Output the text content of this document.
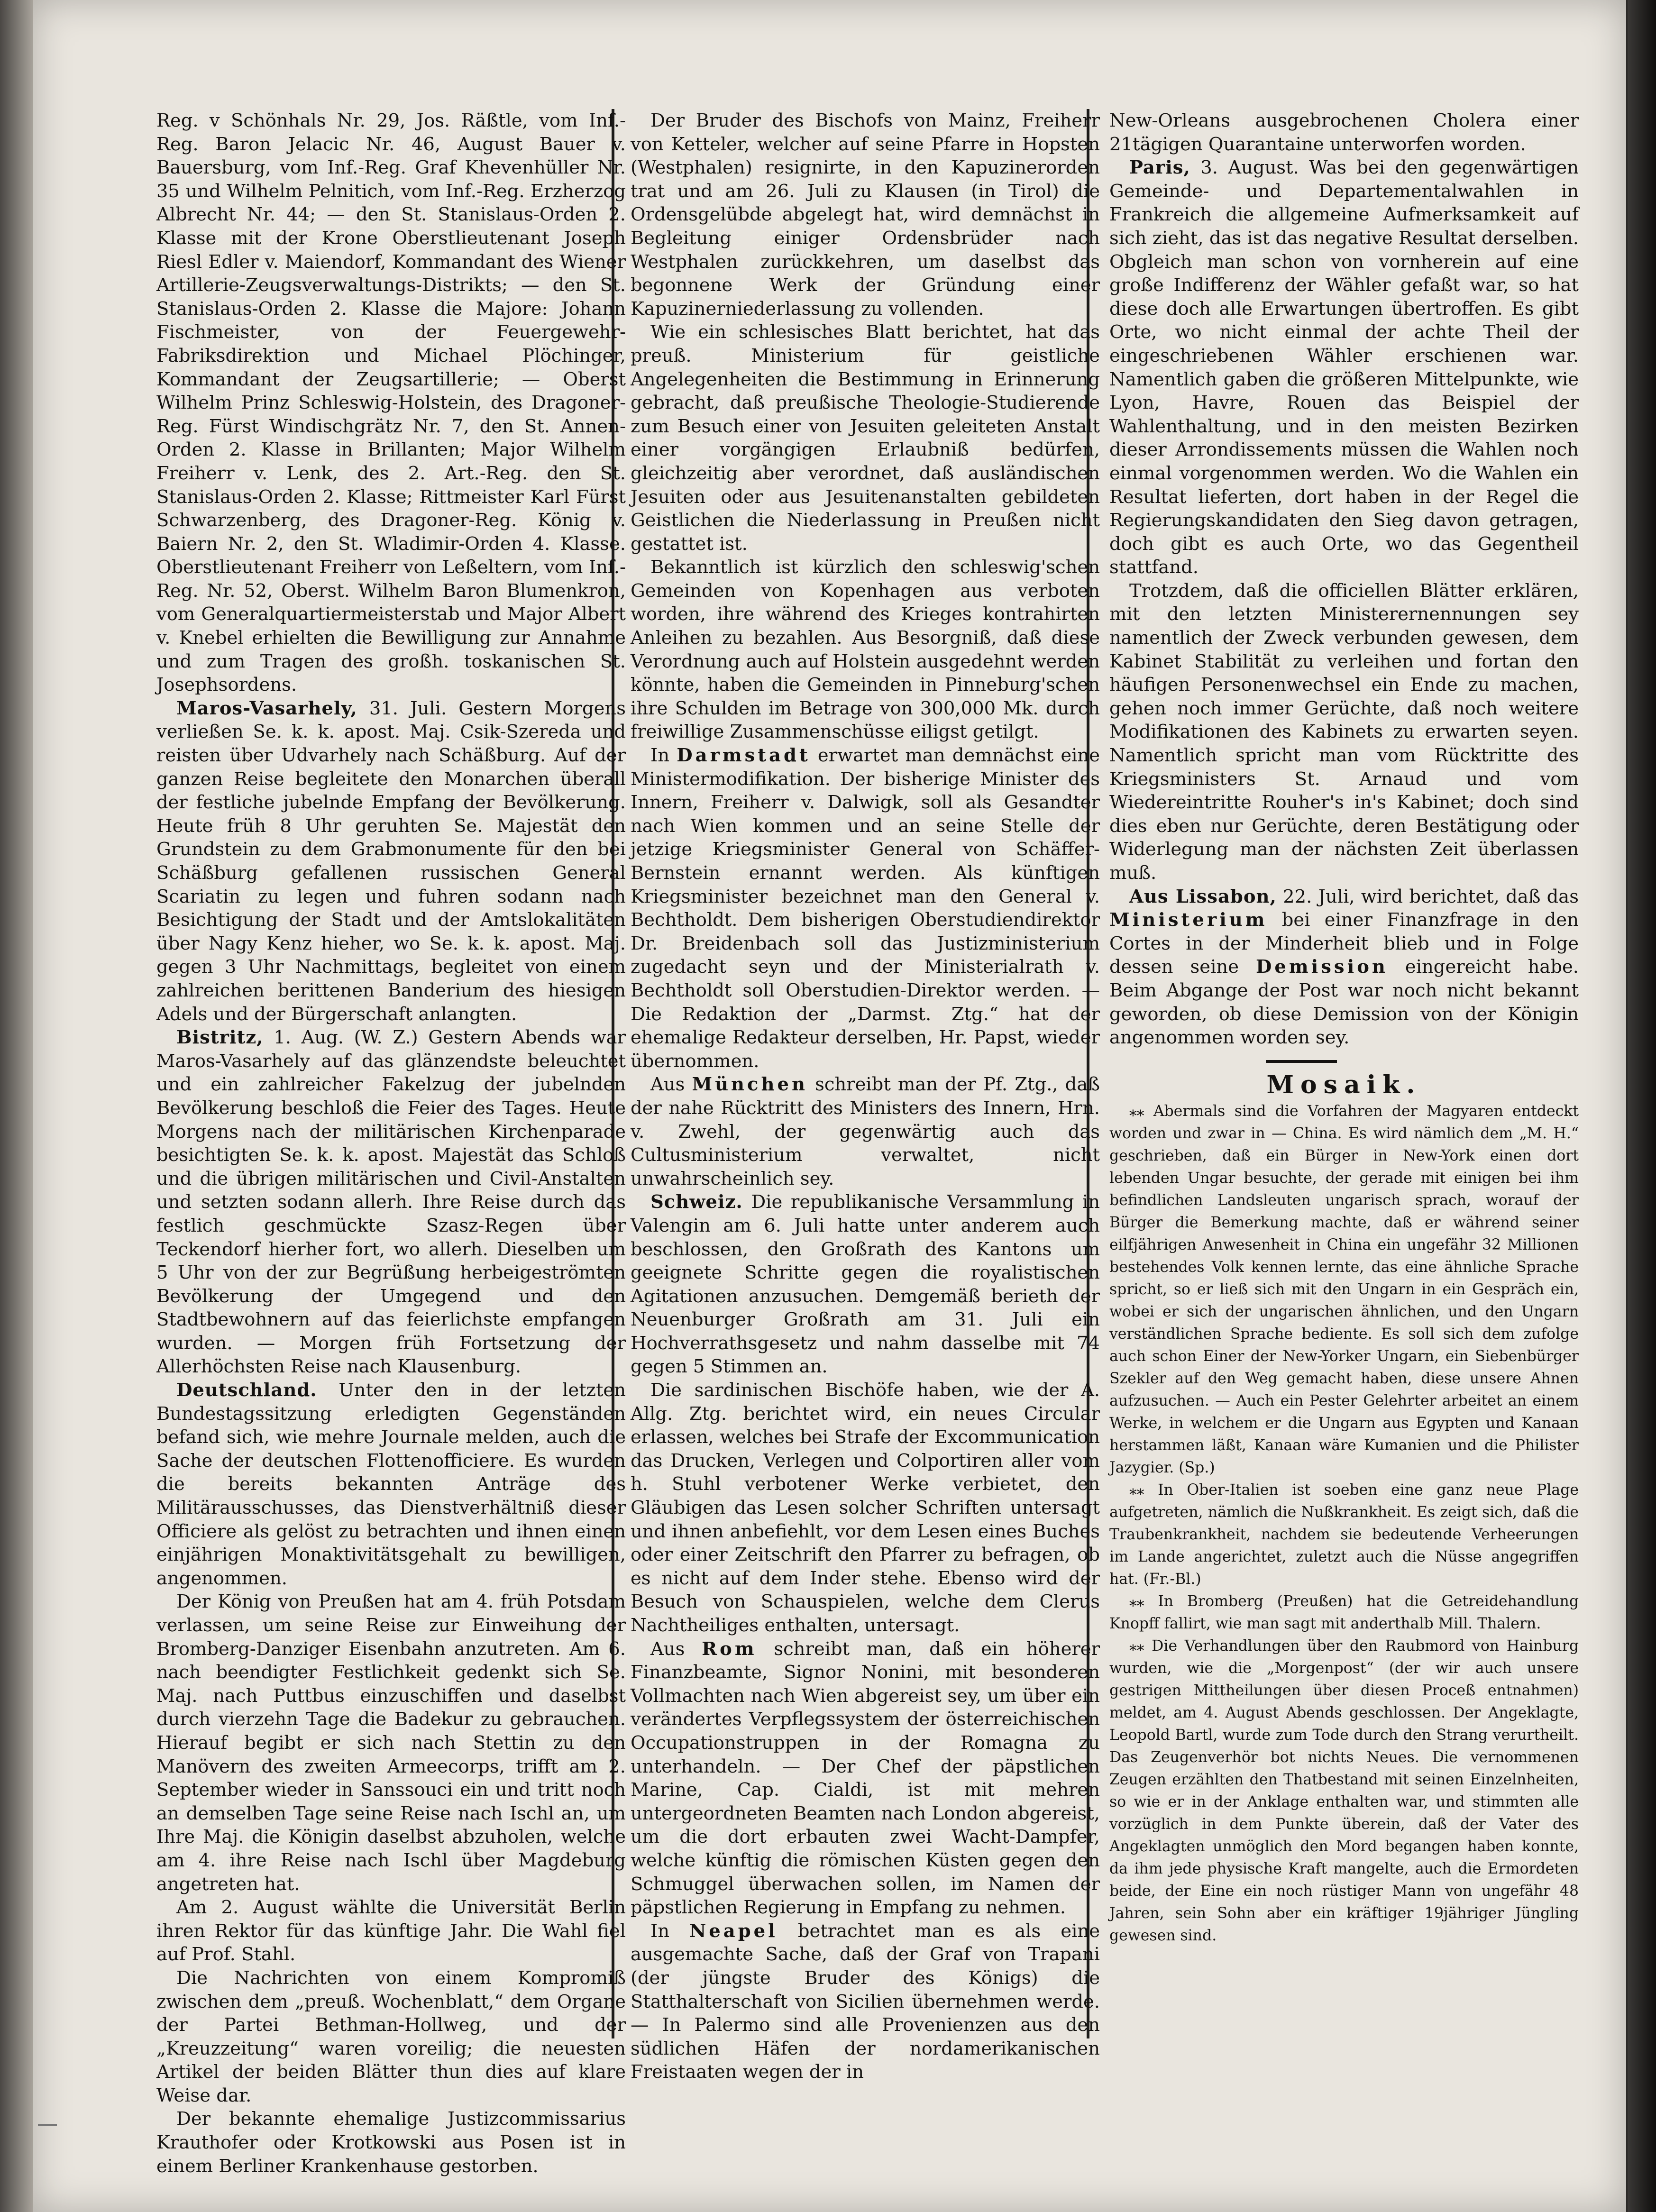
Reg. v Schönhals Nr. 29, Jos. Räßtle, vom Inf.-Reg. Baron Jelacic Nr. 46, August Bauer v. Bauersburg, vom Inf.-Reg. Graf Khevenhüller Nr. 35 und Wilhelm Pelnitich, vom Inf.-Reg. Erzherzog Albrecht Nr. 44; — den St. Stanislaus-Orden 2. Klasse mit der Krone Oberstlieutenant Joseph Riesl Edler v. Maiendorf, Kommandant des Wiener Artillerie-Zeugsverwaltungs-Distrikts; — den St. Stanislaus-Orden 2. Klasse die Majore: Johann Fischmeister, von der Feuergewehr-Fabriksdirektion und Michael Plöchinger, Kommandant der Zeugsartillerie; — Oberst Wilhelm Prinz Schleswig-Holstein, des Dragoner-Reg. Fürst Windischgrätz Nr. 7, den St. Annen-Orden 2. Klasse in Brillanten; Major Wilhelm Freiherr v. Lenk, des 2. Art.-Reg. den St. Stanislaus-Orden 2. Klasse; Rittmeister Karl Fürst Schwarzenberg, des Dragoner-Reg. König v. Baiern Nr. 2, den St. Wladimir-Orden 4. Klasse. Oberstlieutenant Freiherr von Leßeltern, vom Inf.-Reg. Nr. 52, Oberst. Wilhelm Baron Blumenkron, vom Generalquartiermeisterstab und Major Albert v. Knebel erhielten die Bewilligung zur Annahme und zum Tragen des großh. toskanischen St. Josephsordens.

Maros-Vasarhely, 31. Juli. Gestern Morgens verließen Se. k. k. apost. Maj. Csik-Szereda und reisten über Udvarhely nach Schäßburg. Auf der ganzen Reise begleitete den Monarchen überall der festliche jubelnde Empfang der Bevölkerung. Heute früh 8 Uhr geruhten Se. Majestät den Grundstein zu dem Grabmonumente für den bei Schäßburg gefallenen russischen General Scariatin zu legen und fuhren sodann nach Besichtigung der Stadt und der Amtslokalitäten über Nagy Kenz hieher, wo Se. k. k. apost. Maj. gegen 3 Uhr Nachmittags, begleitet von einem zahlreichen berittenen Banderium des hiesigen Adels und der Bürgerschaft anlangten.

Bistritz, 1. Aug. (W. Z.) Gestern Abends war Maros-Vasarhely auf das glänzendste beleuchtet und ein zahlreicher Fakelzug der jubelnden Bevölkerung beschloß die Feier des Tages. Heute Morgens nach der militärischen Kirchenparade besichtigten Se. k. k. apost. Majestät das Schloß und die übrigen militärischen und Civil-Anstalten und setzten sodann allerh. Ihre Reise durch das festlich geschmückte Szasz-Regen über Teckendorf hierher fort, wo allerh. Dieselben um 5 Uhr von der zur Begrüßung herbeigeströmten Bevölkerung der Umgegend und den Stadtbewohnern auf das feierlichste empfangen wurden. — Morgen früh Fortsetzung der Allerhöchsten Reise nach Klausenburg.

Deutschland. Unter den in der letzten Bundestagssitzung erledigten Gegenständen befand sich, wie mehre Journale melden, auch die Sache der deutschen Flottenofficiere. Es wurden die bereits bekannten Anträge des Militärausschusses, das Dienstverhältniß dieser Officiere als gelöst zu betrachten und ihnen einen einjährigen Monaktivitätsgehalt zu bewilligen, angenommen.

Der König von Preußen hat am 4. früh Potsdam verlassen, um seine Reise zur Einweihung der Bromberg-Danziger Eisenbahn anzutreten. Am 6. nach beendigter Festlichkeit gedenkt sich Se. Maj. nach Puttbus einzuschiffen und daselbst durch vierzehn Tage die Badekur zu gebrauchen. Hierauf begibt er sich nach Stettin zu den Manövern des zweiten Armeecorps, trifft am 2. September wieder in Sanssouci ein und tritt noch an demselben Tage seine Reise nach Ischl an, um Ihre Maj. die Königin daselbst abzuholen, welche am 4. ihre Reise nach Ischl über Magdeburg angetreten hat.

Am 2. August wählte die Universität Berlin ihren Rektor für das künftige Jahr. Die Wahl fiel auf Prof. Stahl.

Die Nachrichten von einem Kompromiß zwischen dem „preuß. Wochenblatt,“ dem Organe der Partei Bethman-Hollweg, und der „Kreuzzeitung“ waren voreilig; die neuesten Artikel der beiden Blätter thun dies auf klare Weise dar.

Der bekannte ehemalige Justizcommissarius Krauthofer oder Krotkowski aus Posen ist in einem Berliner Krankenhause gestorben.

Der Bruder des Bischofs von Mainz, Freiherr von Ketteler, welcher auf seine Pfarre in Hopsten (Westphalen) resignirte, in den Kapuzinerorden trat und am 26. Juli zu Klausen (in Tirol) die Ordensgelübde abgelegt hat, wird demnächst in Begleitung einiger Ordensbrüder nach Westphalen zurückkehren, um daselbst das begonnene Werk der Gründung einer Kapuzinerniederlassung zu vollenden.

Wie ein schlesisches Blatt berichtet, hat das preuß. Ministerium für geistliche Angelegenheiten die Bestimmung in Erinnerung gebracht, daß preußische Theologie-Studierende zum Besuch einer von Jesuiten geleiteten Anstalt einer vorgängigen Erlaubniß bedürfen, gleichzeitig aber verordnet, daß ausländischen Jesuiten oder aus Jesuitenanstalten gebildeten Geistlichen die Niederlassung in Preußen nicht gestattet ist.

Bekanntlich ist kürzlich den schleswig'schen Gemeinden von Kopenhagen aus verboten worden, ihre während des Krieges kontrahirten Anleihen zu bezahlen. Aus Besorgniß, daß diese Verordnung auch auf Holstein ausgedehnt werden könnte, haben die Gemeinden in Pinneburg'schen ihre Schulden im Betrage von 300,000 Mk. durch freiwillige Zusammenschüsse eiligst getilgt.

In Darmstadt erwartet man demnächst eine Ministermodifikation. Der bisherige Minister des Innern, Freiherr v. Dalwigk, soll als Gesandter nach Wien kommen und an seine Stelle der jetzige Kriegsminister General von Schäffer-Bernstein ernannt werden. Als künftigen Kriegsminister bezeichnet man den General v. Bechtholdt. Dem bisherigen Oberstudiendirektor Dr. Breidenbach soll das Justizministerium zugedacht seyn und der Ministerialrath v. Bechtholdt soll Oberstudien-Direktor werden. — Die Redaktion der „Darmst. Ztg.“ hat der ehemalige Redakteur derselben, Hr. Papst, wieder übernommen.

Aus München schreibt man der Pf. Ztg., daß der nahe Rücktritt des Ministers des Innern, Hrn. v. Zwehl, der gegenwärtig auch das Cultusministerium verwaltet, nicht unwahrscheinlich sey.

Schweiz. Die republikanische Versammlung in Valengin am 6. Juli hatte unter anderem auch beschlossen, den Großrath des Kantons um geeignete Schritte gegen die royalistischen Agitationen anzusuchen. Demgemäß berieth der Neuenburger Großrath am 31. Juli ein Hochverrathsgesetz und nahm dasselbe mit 74 gegen 5 Stimmen an.

Die sardinischen Bischöfe haben, wie der A. Allg. Ztg. berichtet wird, ein neues Circular erlassen, welches bei Strafe der Excommunication das Drucken, Verlegen und Colportiren aller vom h. Stuhl verbotener Werke verbietet, den Gläubigen das Lesen solcher Schriften untersagt und ihnen anbefiehlt, vor dem Lesen eines Buches oder einer Zeitschrift den Pfarrer zu befragen, ob es nicht auf dem Inder stehe. Ebenso wird der Besuch von Schauspielen, welche dem Clerus Nachtheiliges enthalten, untersagt.

Aus Rom schreibt man, daß ein höherer Finanzbeamte, Signor Nonini, mit besonderen Vollmachten nach Wien abgereist sey, um über ein verändertes Verpflegssystem der österreichischen Occupationstruppen in der Romagna zu unterhandeln. — Der Chef der päpstlichen Marine, Cap. Cialdi, ist mit mehren untergeordneten Beamten nach London abgereist, um die dort erbauten zwei Wacht-Dampfer, welche künftig die römischen Küsten gegen den Schmuggel überwachen sollen, im Namen der päpstlichen Regierung in Empfang zu nehmen.

In Neapel betrachtet man es als eine ausgemachte Sache, daß der Graf von Trapani (der jüngste Bruder des Königs) die Statthalterschaft von Sicilien übernehmen werde. — In Palermo sind alle Provenienzen aus den südlichen Häfen der nordamerikanischen Freistaaten wegen der in

New-Orleans ausgebrochenen Cholera einer 21tägigen Quarantaine unterworfen worden.

Paris, 3. August. Was bei den gegenwärtigen Gemeinde- und Departementalwahlen in Frankreich die allgemeine Aufmerksamkeit auf sich zieht, das ist das negative Resultat derselben. Obgleich man schon von vornherein auf eine große Indifferenz der Wähler gefaßt war, so hat diese doch alle Erwartungen übertroffen. Es gibt Orte, wo nicht einmal der achte Theil der eingeschriebenen Wähler erschienen war. Namentlich gaben die größeren Mittelpunkte, wie Lyon, Havre, Rouen das Beispiel der Wahlenthaltung, und in den meisten Bezirken dieser Arrondissements müssen die Wahlen noch einmal vorgenommen werden. Wo die Wahlen ein Resultat lieferten, dort haben in der Regel die Regierungskandidaten den Sieg davon getragen, doch gibt es auch Orte, wo das Gegentheil stattfand.

Trotzdem, daß die officiellen Blätter erklären, mit den letzten Ministerernennungen sey namentlich der Zweck verbunden gewesen, dem Kabinet Stabilität zu verleihen und fortan den häufigen Personenwechsel ein Ende zu machen, gehen noch immer Gerüchte, daß noch weitere Modifikationen des Kabinets zu erwarten seyen. Namentlich spricht man vom Rücktritte des Kriegsministers St. Arnaud und vom Wiedereintritte Rouher's in's Kabinet; doch sind dies eben nur Gerüchte, deren Bestätigung oder Widerlegung man der nächsten Zeit überlassen muß.

Aus Lissabon, 22. Juli, wird berichtet, daß das Ministerium bei einer Finanzfrage in den Cortes in der Minderheit blieb und in Folge dessen seine Demission eingereicht habe. Beim Abgange der Post war noch nicht bekannt geworden, ob diese Demission von der Königin angenommen worden sey.

Mosaik.

⁎⁎ Abermals sind die Vorfahren der Magyaren entdeckt worden und zwar in — China. Es wird nämlich dem „M. H.“ geschrieben, daß ein Bürger in New-York einen dort lebenden Ungar besuchte, der gerade mit einigen bei ihm befindlichen Landsleuten ungarisch sprach, worauf der Bürger die Bemerkung machte, daß er während seiner eilfjährigen Anwesenheit in China ein ungefähr 32 Millionen bestehendes Volk kennen lernte, das eine ähnliche Sprache spricht, so er ließ sich mit den Ungarn in ein Gespräch ein, wobei er sich der ungarischen ähnlichen, und den Ungarn verständlichen Sprache bediente. Es soll sich dem zufolge auch schon Einer der New-Yorker Ungarn, ein Siebenbürger Szekler auf den Weg gemacht haben, diese unsere Ahnen aufzusuchen. — Auch ein Pester Gelehrter arbeitet an einem Werke, in welchem er die Ungarn aus Egypten und Kanaan herstammen läßt, Kanaan wäre Kumanien und die Philister Jazygier. (Sp.)

⁎⁎ In Ober-Italien ist soeben eine ganz neue Plage aufgetreten, nämlich die Nußkrankheit. Es zeigt sich, daß die Traubenkrankheit, nachdem sie bedeutende Verheerungen im Lande angerichtet, zuletzt auch die Nüsse angegriffen hat. (Fr.-Bl.)

⁎⁎ In Bromberg (Preußen) hat die Getreidehandlung Knopff fallirt, wie man sagt mit anderthalb Mill. Thalern.

⁎⁎ Die Verhandlungen über den Raubmord von Hainburg wurden, wie die „Morgenpost“ (der wir auch unsere gestrigen Mittheilungen über diesen Proceß entnahmen) meldet, am 4. August Abends geschlossen. Der Angeklagte, Leopold Bartl, wurde zum Tode durch den Strang verurtheilt. Das Zeugenverhör bot nichts Neues. Die vernommenen Zeugen erzählten den Thatbestand mit seinen Einzelnheiten, so wie er in der Anklage enthalten war, und stimmten alle vorzüglich in dem Punkte überein, daß der Vater des Angeklagten unmöglich den Mord begangen haben konnte, da ihm jede physische Kraft mangelte, auch die Ermordeten beide, der Eine ein noch rüstiger Mann von ungefähr 48 Jahren, sein Sohn aber ein kräftiger 19jähriger Jüngling gewesen sind.
